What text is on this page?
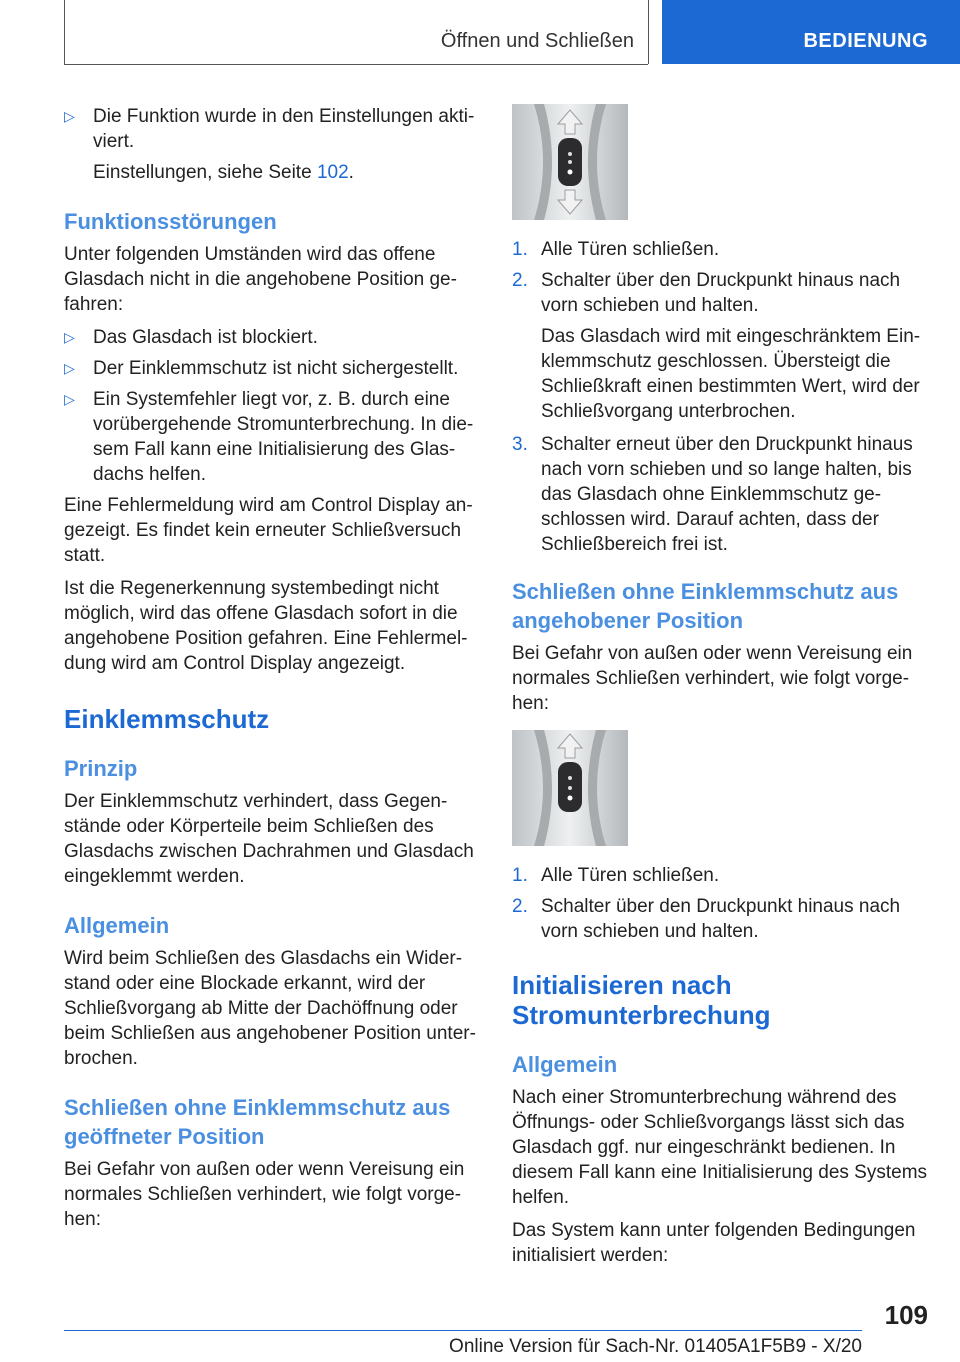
Öffnen und Schließen	BEDIENUNG
▷ Die Funktion wurde in den Einstellungen aktiviert.

Einstellungen, siehe Seite 102.

Funktionsstörungen

Unter folgenden Umständen wird das offene Glasdach nicht in die angehobene Position gefahren:

▷ Das Glasdach ist blockiert.
▷ Der Einklemmschutz ist nicht sichergestellt.
▷ Ein Systemfehler liegt vor, z. B. durch eine vorübergehende Stromunterbrechung. In diesem Fall kann eine Initialisierung des Glasdachs helfen.

Eine Fehlermeldung wird am Control Display angezeigt. Es findet kein erneuter Schließversuch statt.

Ist die Regenerkennung systembedingt nicht möglich, wird das offene Glasdach sofort in die angehobene Position gefahren. Eine Fehlermeldung wird am Control Display angezeigt.

Einklemmschutz
Prinzip

Der Einklemmschutz verhindert, dass Gegenstände oder Körperteile beim Schließen des Glasdachs zwischen Dachrahmen und Glasdach eingeklemmt werden.

Allgemein

Wird beim Schließen des Glasdachs ein Widerstand oder eine Blockade erkannt, wird der Schließvorgang ab Mitte der Dachöffnung oder beim Schließen aus angehobener Position unterbrochen.

Schließen ohne Einklemmschutz aus geöffneter Position

Bei Gefahr von außen oder wenn Vereisung ein normales Schließen verhindert, wie folgt vorgehen:

1. Alle Türen schließen.
2. Schalter über den Druckpunkt hinaus nach vorn schieben und halten.

Das Glasdach wird mit eingeschränktem Einklemmschutz geschlossen. Übersteigt die Schließkraft einen bestimmten Wert, wird der Schließvorgang unterbrochen.

3. Schalter erneut über den Druckpunkt hinaus nach vorn schieben und so lange halten, bis das Glasdach ohne Einklemmschutz geschlossen wird. Darauf achten, dass der Schließbereich frei ist.
Schließen ohne Einklemmschutz aus angehobener Position

Bei Gefahr von außen oder wenn Vereisung ein normales Schließen verhindert, wie folgt vorgehen:

1. Alle Türen schließen.
2. Schalter über den Druckpunkt hinaus nach vorn schieben und halten.
Initialisieren nach Stromunterbrechung
Allgemein

Nach einer Stromunterbrechung während des Öffnungs- oder Schließvorgangs lässt sich das Glasdach ggf. nur eingeschränkt bedienen. In diesem Fall kann eine Initialisierung des Systems helfen.

Das System kann unter folgenden Bedingungen initialisiert werden:

109
Online Version für Sach-Nr. 01405A1F5B9 - X/20
